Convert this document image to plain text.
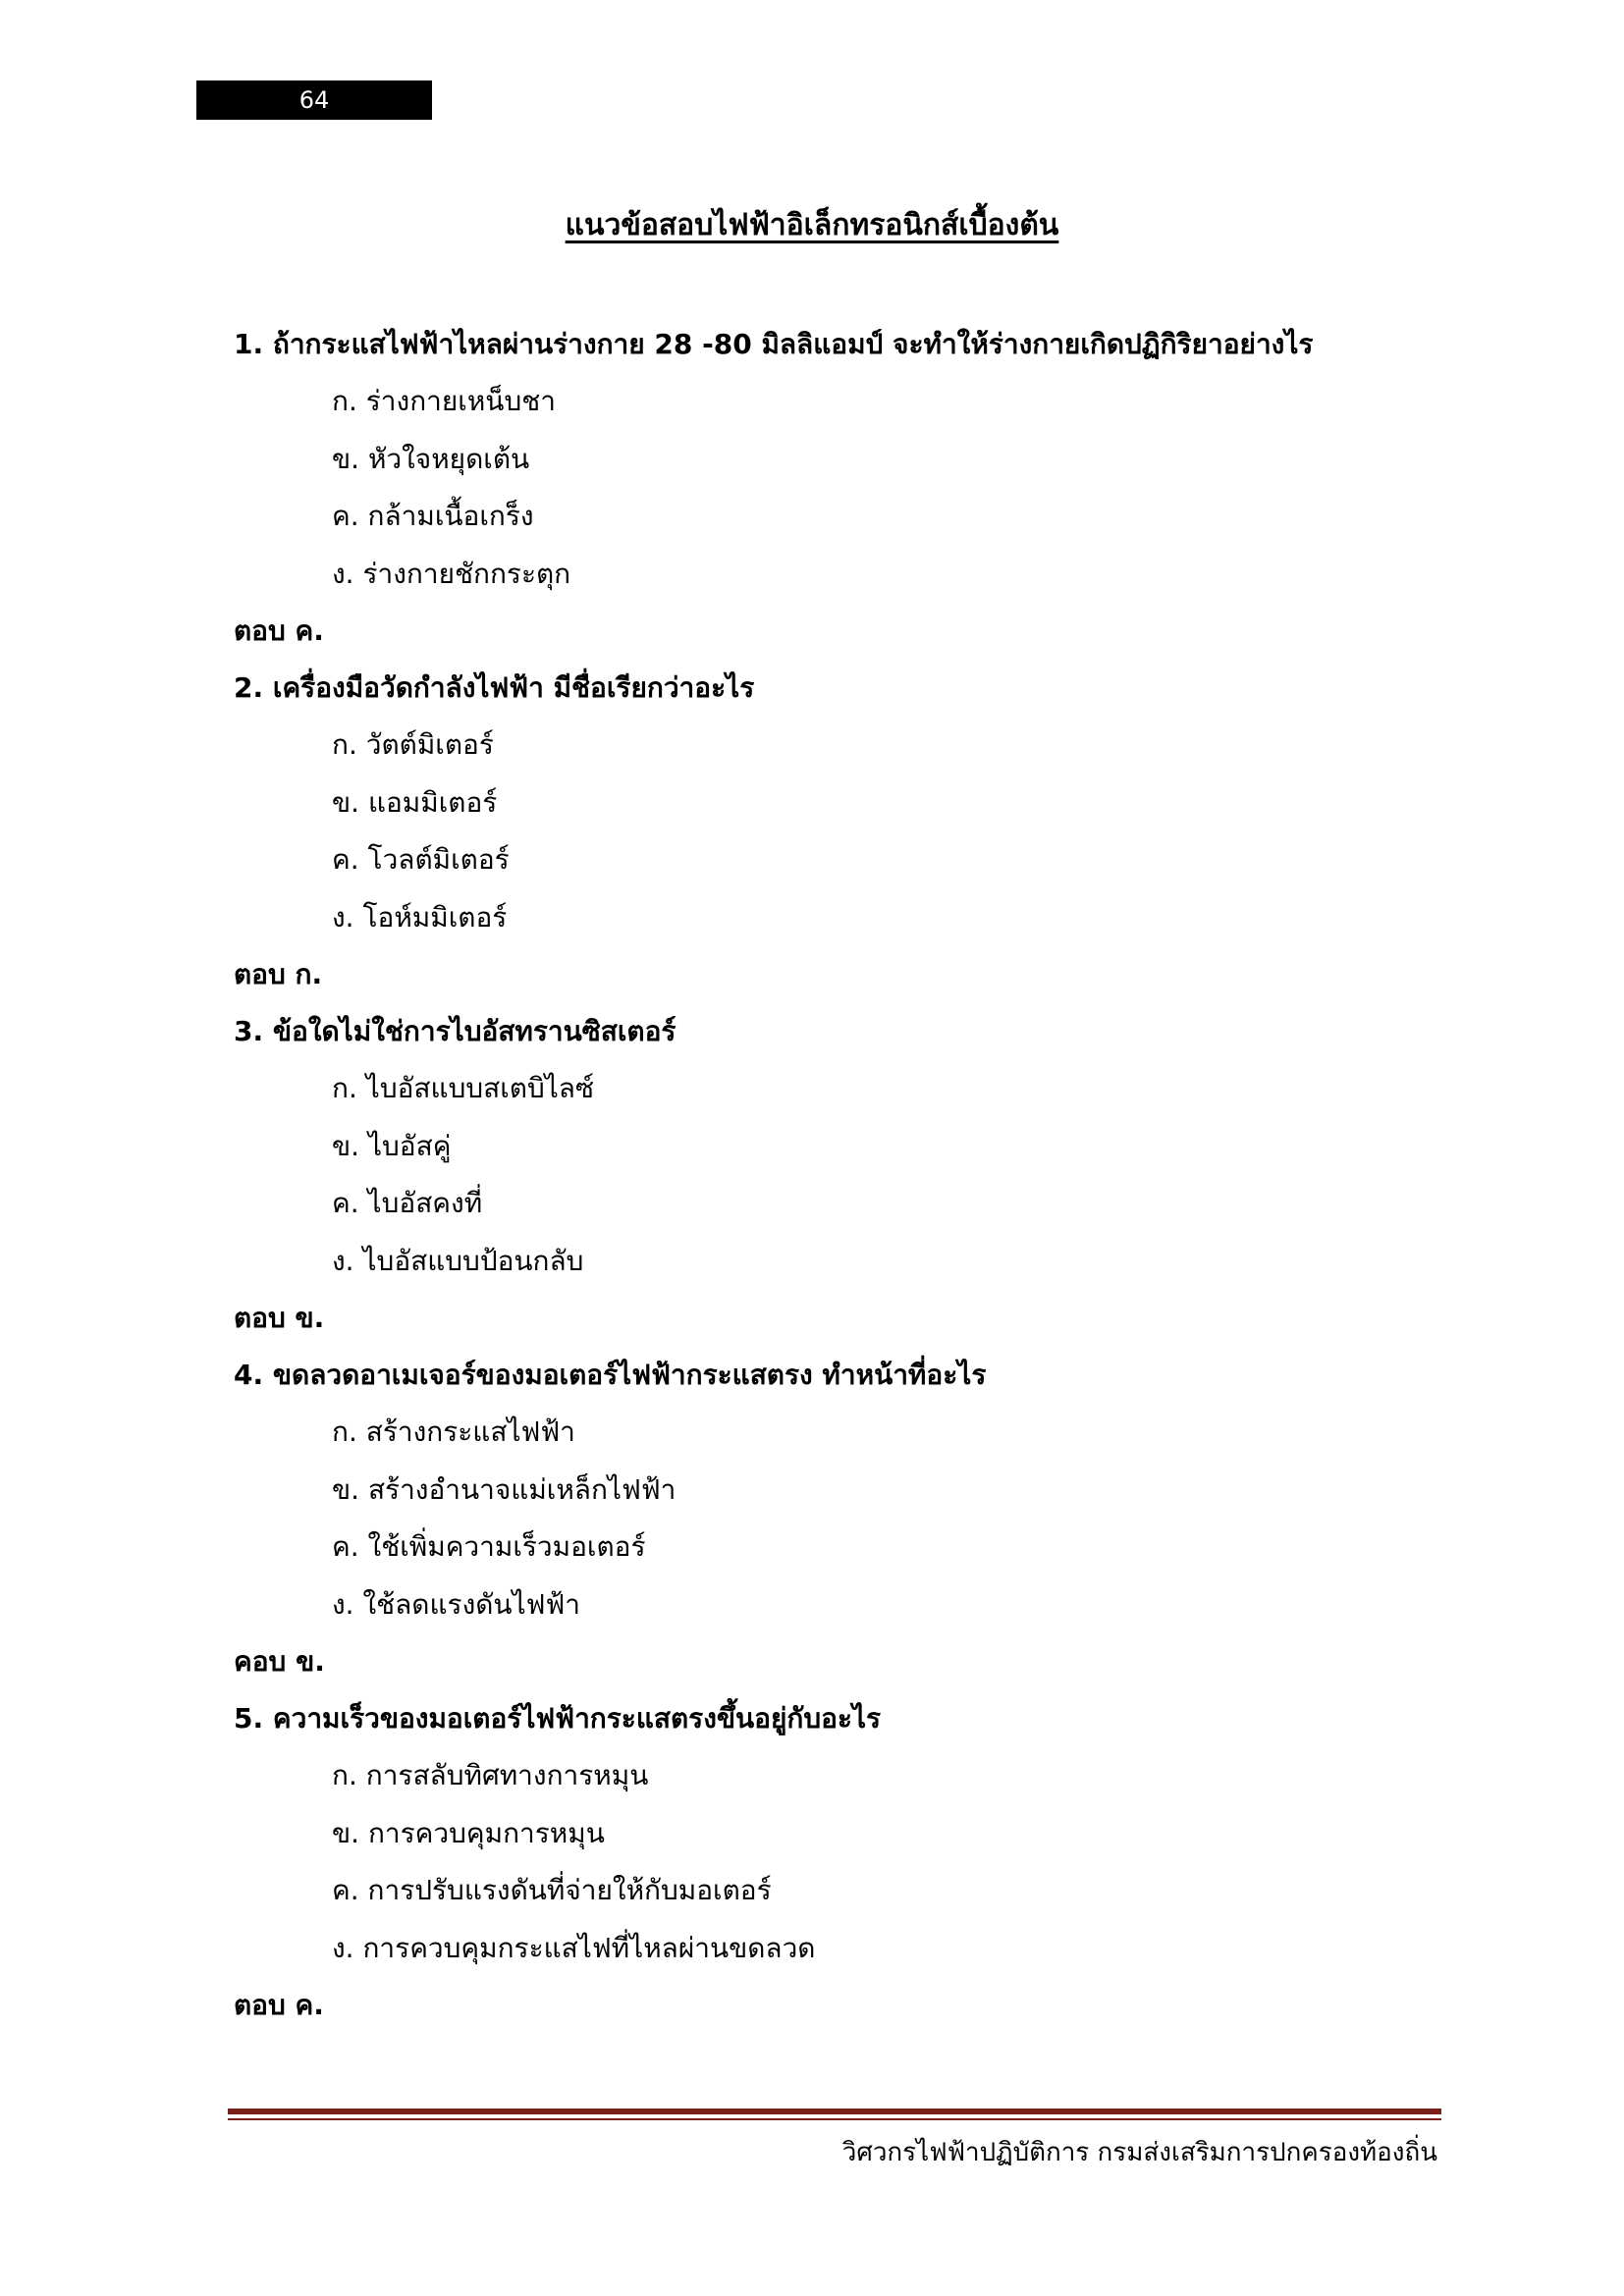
64
แนวข้อสอบไฟฟ้าอิเล็กทรอนิกส์เบื้องต้น
1. ถ้ากระแสไฟฟ้าไหลผ่านร่างกาย 28 -80 มิลลิแอมป์ จะทำให้ร่างกายเกิดปฏิกิริยาอย่างไร
ก. ร่างกายเหน็บชา
ข. หัวใจหยุดเต้น
ค. กล้ามเนื้อเกร็ง
ง. ร่างกายชักกระตุก
ตอบ ค.
2. เครื่องมือวัดกำลังไฟฟ้า มีชื่อเรียกว่าอะไร
ก. วัตต์มิเตอร์
ข. แอมมิเตอร์
ค. โวลต์มิเตอร์
ง. โอห์มมิเตอร์
ตอบ ก.
3. ข้อใดไม่ใช่การไบอัสทรานซิสเตอร์
ก. ไบอัสแบบสเตบิไลซ์
ข. ไบอัสคู่
ค. ไบอัสคงที่
ง. ไบอัสแบบป้อนกลับ
ตอบ ข.
4. ขดลวดอาเมเจอร์ของมอเตอร์ไฟฟ้ากระแสตรง ทำหน้าที่อะไร
ก. สร้างกระแสไฟฟ้า
ข. สร้างอำนาจแม่เหล็กไฟฟ้า
ค. ใช้เพิ่มความเร็วมอเตอร์
ง. ใช้ลดแรงดันไฟฟ้า
คอบ ข.
5. ความเร็วของมอเตอร์ไฟฟ้ากระแสตรงขึ้นอยู่กับอะไร
ก. การสลับทิศทางการหมุน
ข. การควบคุมการหมุน
ค. การปรับแรงดันที่จ่ายให้กับมอเตอร์
ง. การควบคุมกระแสไฟที่ไหลผ่านขดลวด
ตอบ ค.
วิศวกรไฟฟ้าปฏิบัติการ กรมส่งเสริมการปกครองท้องถิ่น
